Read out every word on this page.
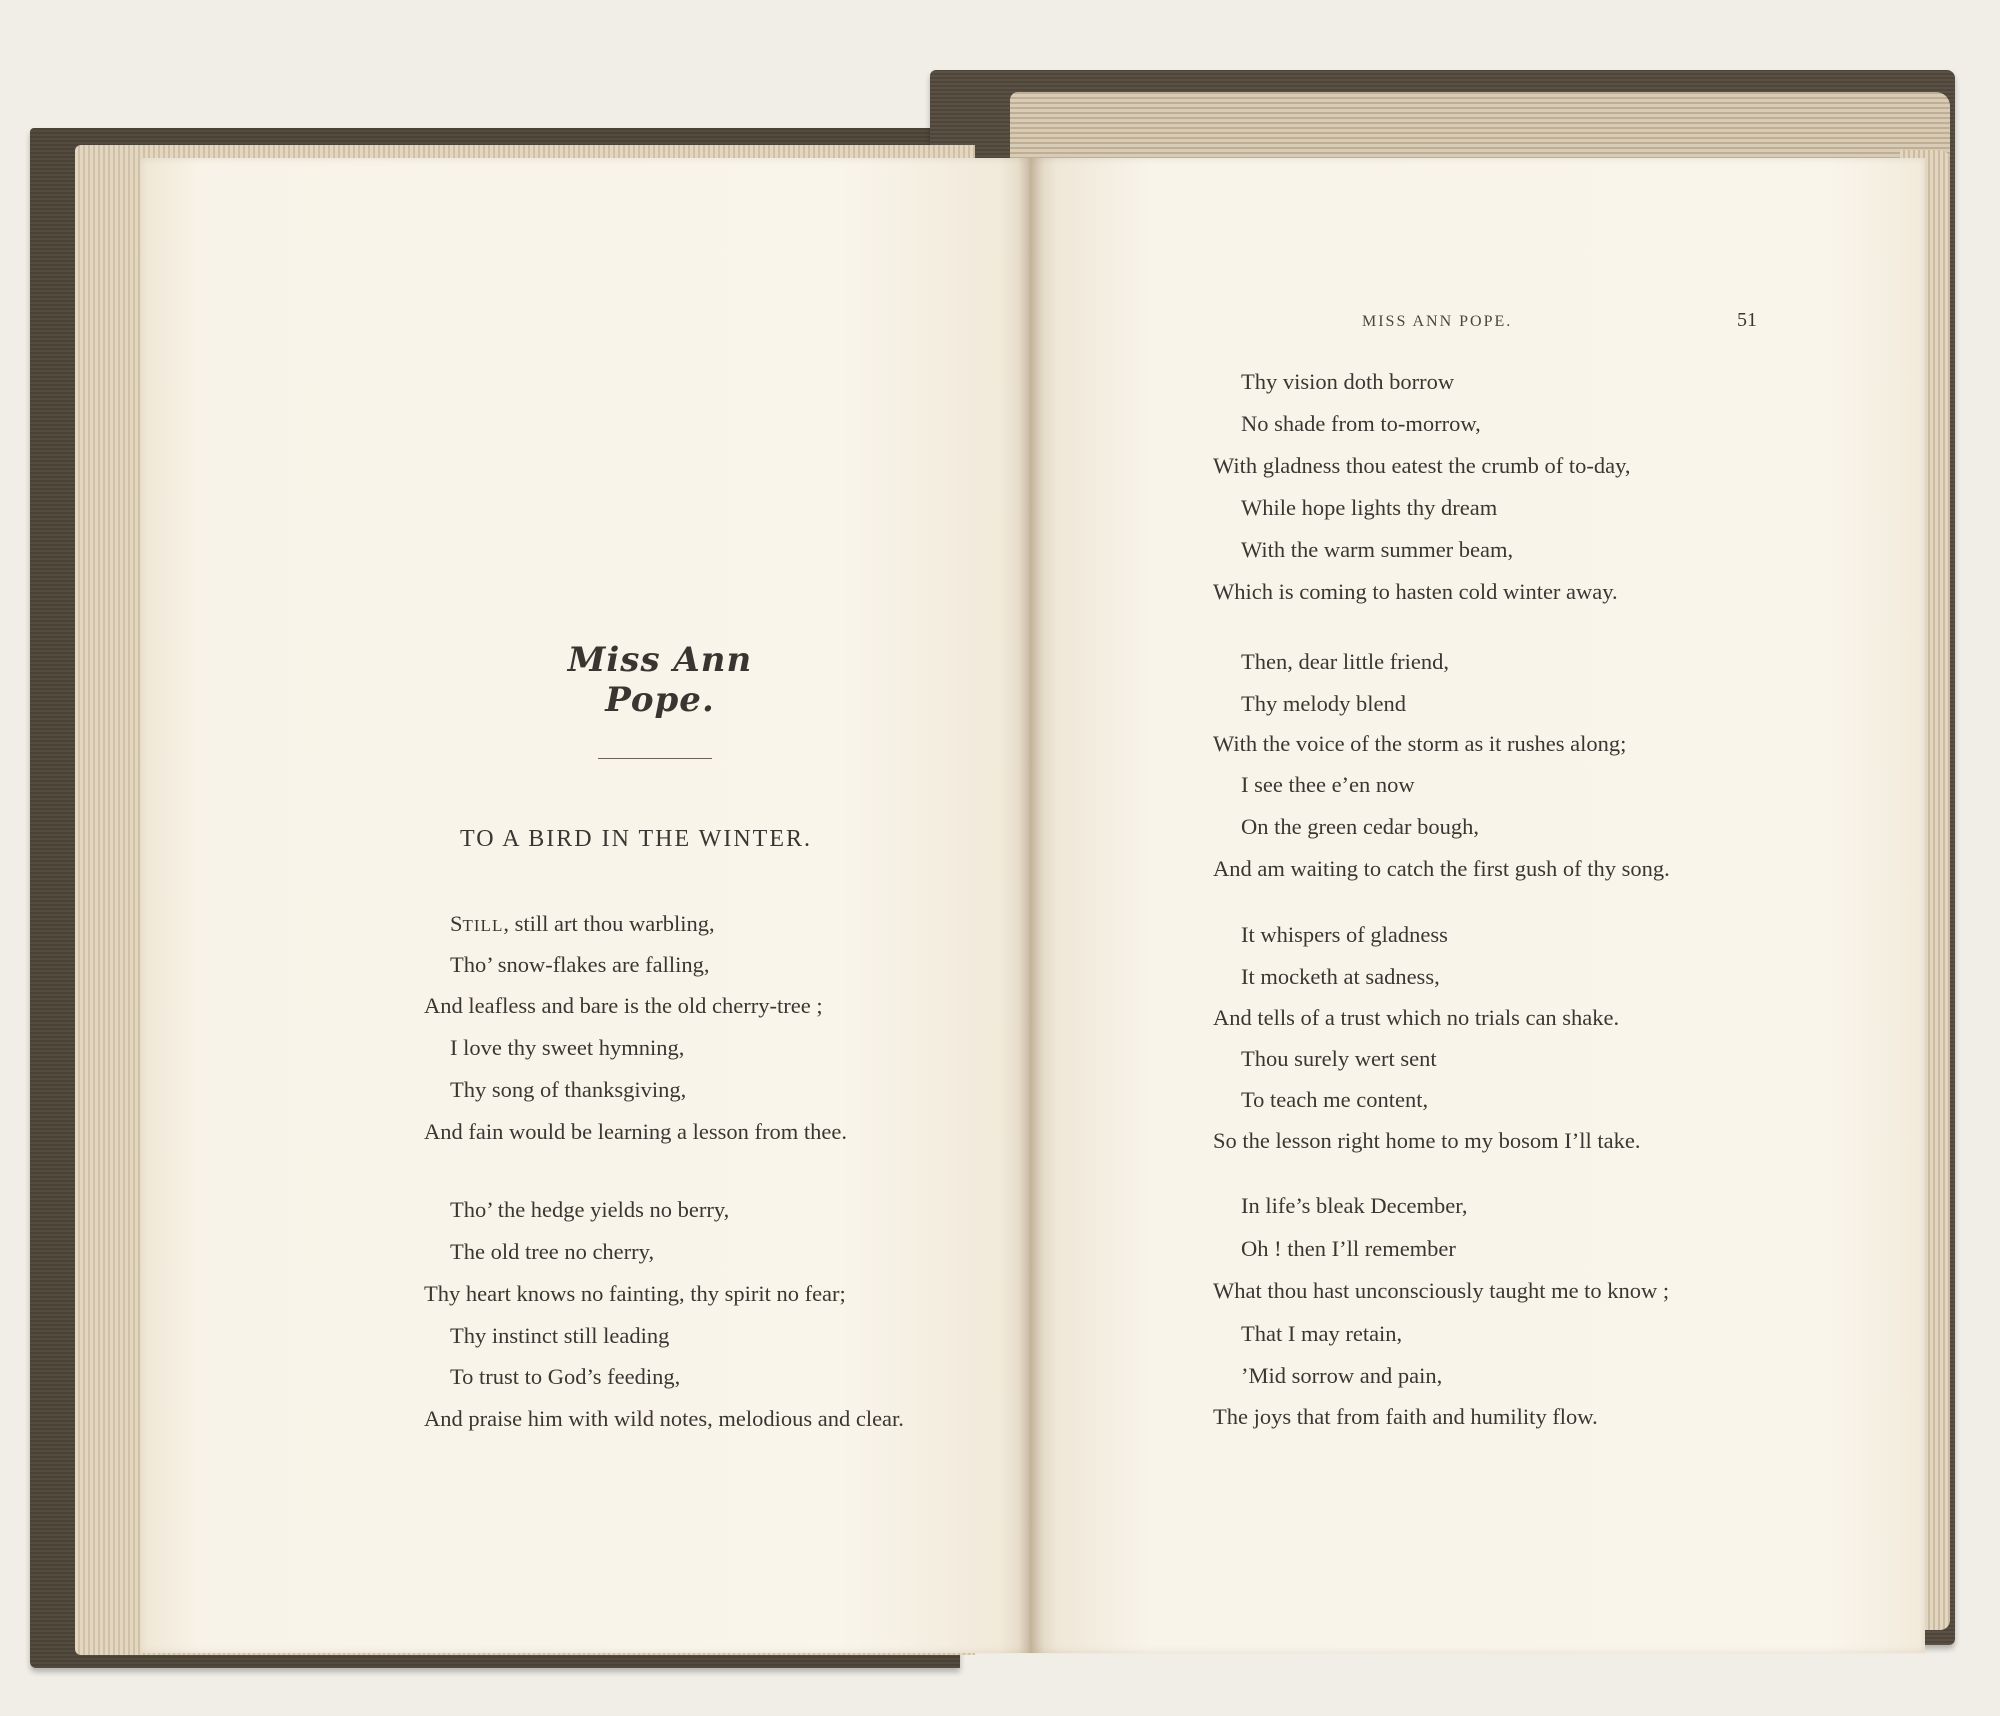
Miss Ann Pope.
TO A BIRD IN THE WINTER.
STILL, still art thou warbling,
Tho’ snow-flakes are falling,
And leafless and bare is the old cherry-tree ;
I love thy sweet hymning,
Thy song of thanksgiving,
And fain would be learning a lesson from thee.
Tho’ the hedge yields no berry,
The old tree no cherry,
Thy heart knows no fainting, thy spirit no fear;
Thy instinct still leading
To trust to God’s feeding,
And praise him with wild notes, melodious and clear.
MISS ANN POPE.	51
Thy vision doth borrow
No shade from to-morrow,
With gladness thou eatest the crumb of to-day,
While hope lights thy dream
With the warm summer beam,
Which is coming to hasten cold winter away.
Then, dear little friend,
Thy melody blend
With the voice of the storm as it rushes along;
I see thee e’en now
On the green cedar bough,
And am waiting to catch the first gush of thy song.
It whispers of gladness
It mocketh at sadness,
And tells of a trust which no trials can shake.
Thou surely wert sent
To teach me content,
So the lesson right home to my bosom I’ll take.
In life’s bleak December,
Oh ! then I’ll remember
What thou hast unconsciously taught me to know ;
That I may retain,
’Mid sorrow and pain,
The joys that from faith and humility flow.
